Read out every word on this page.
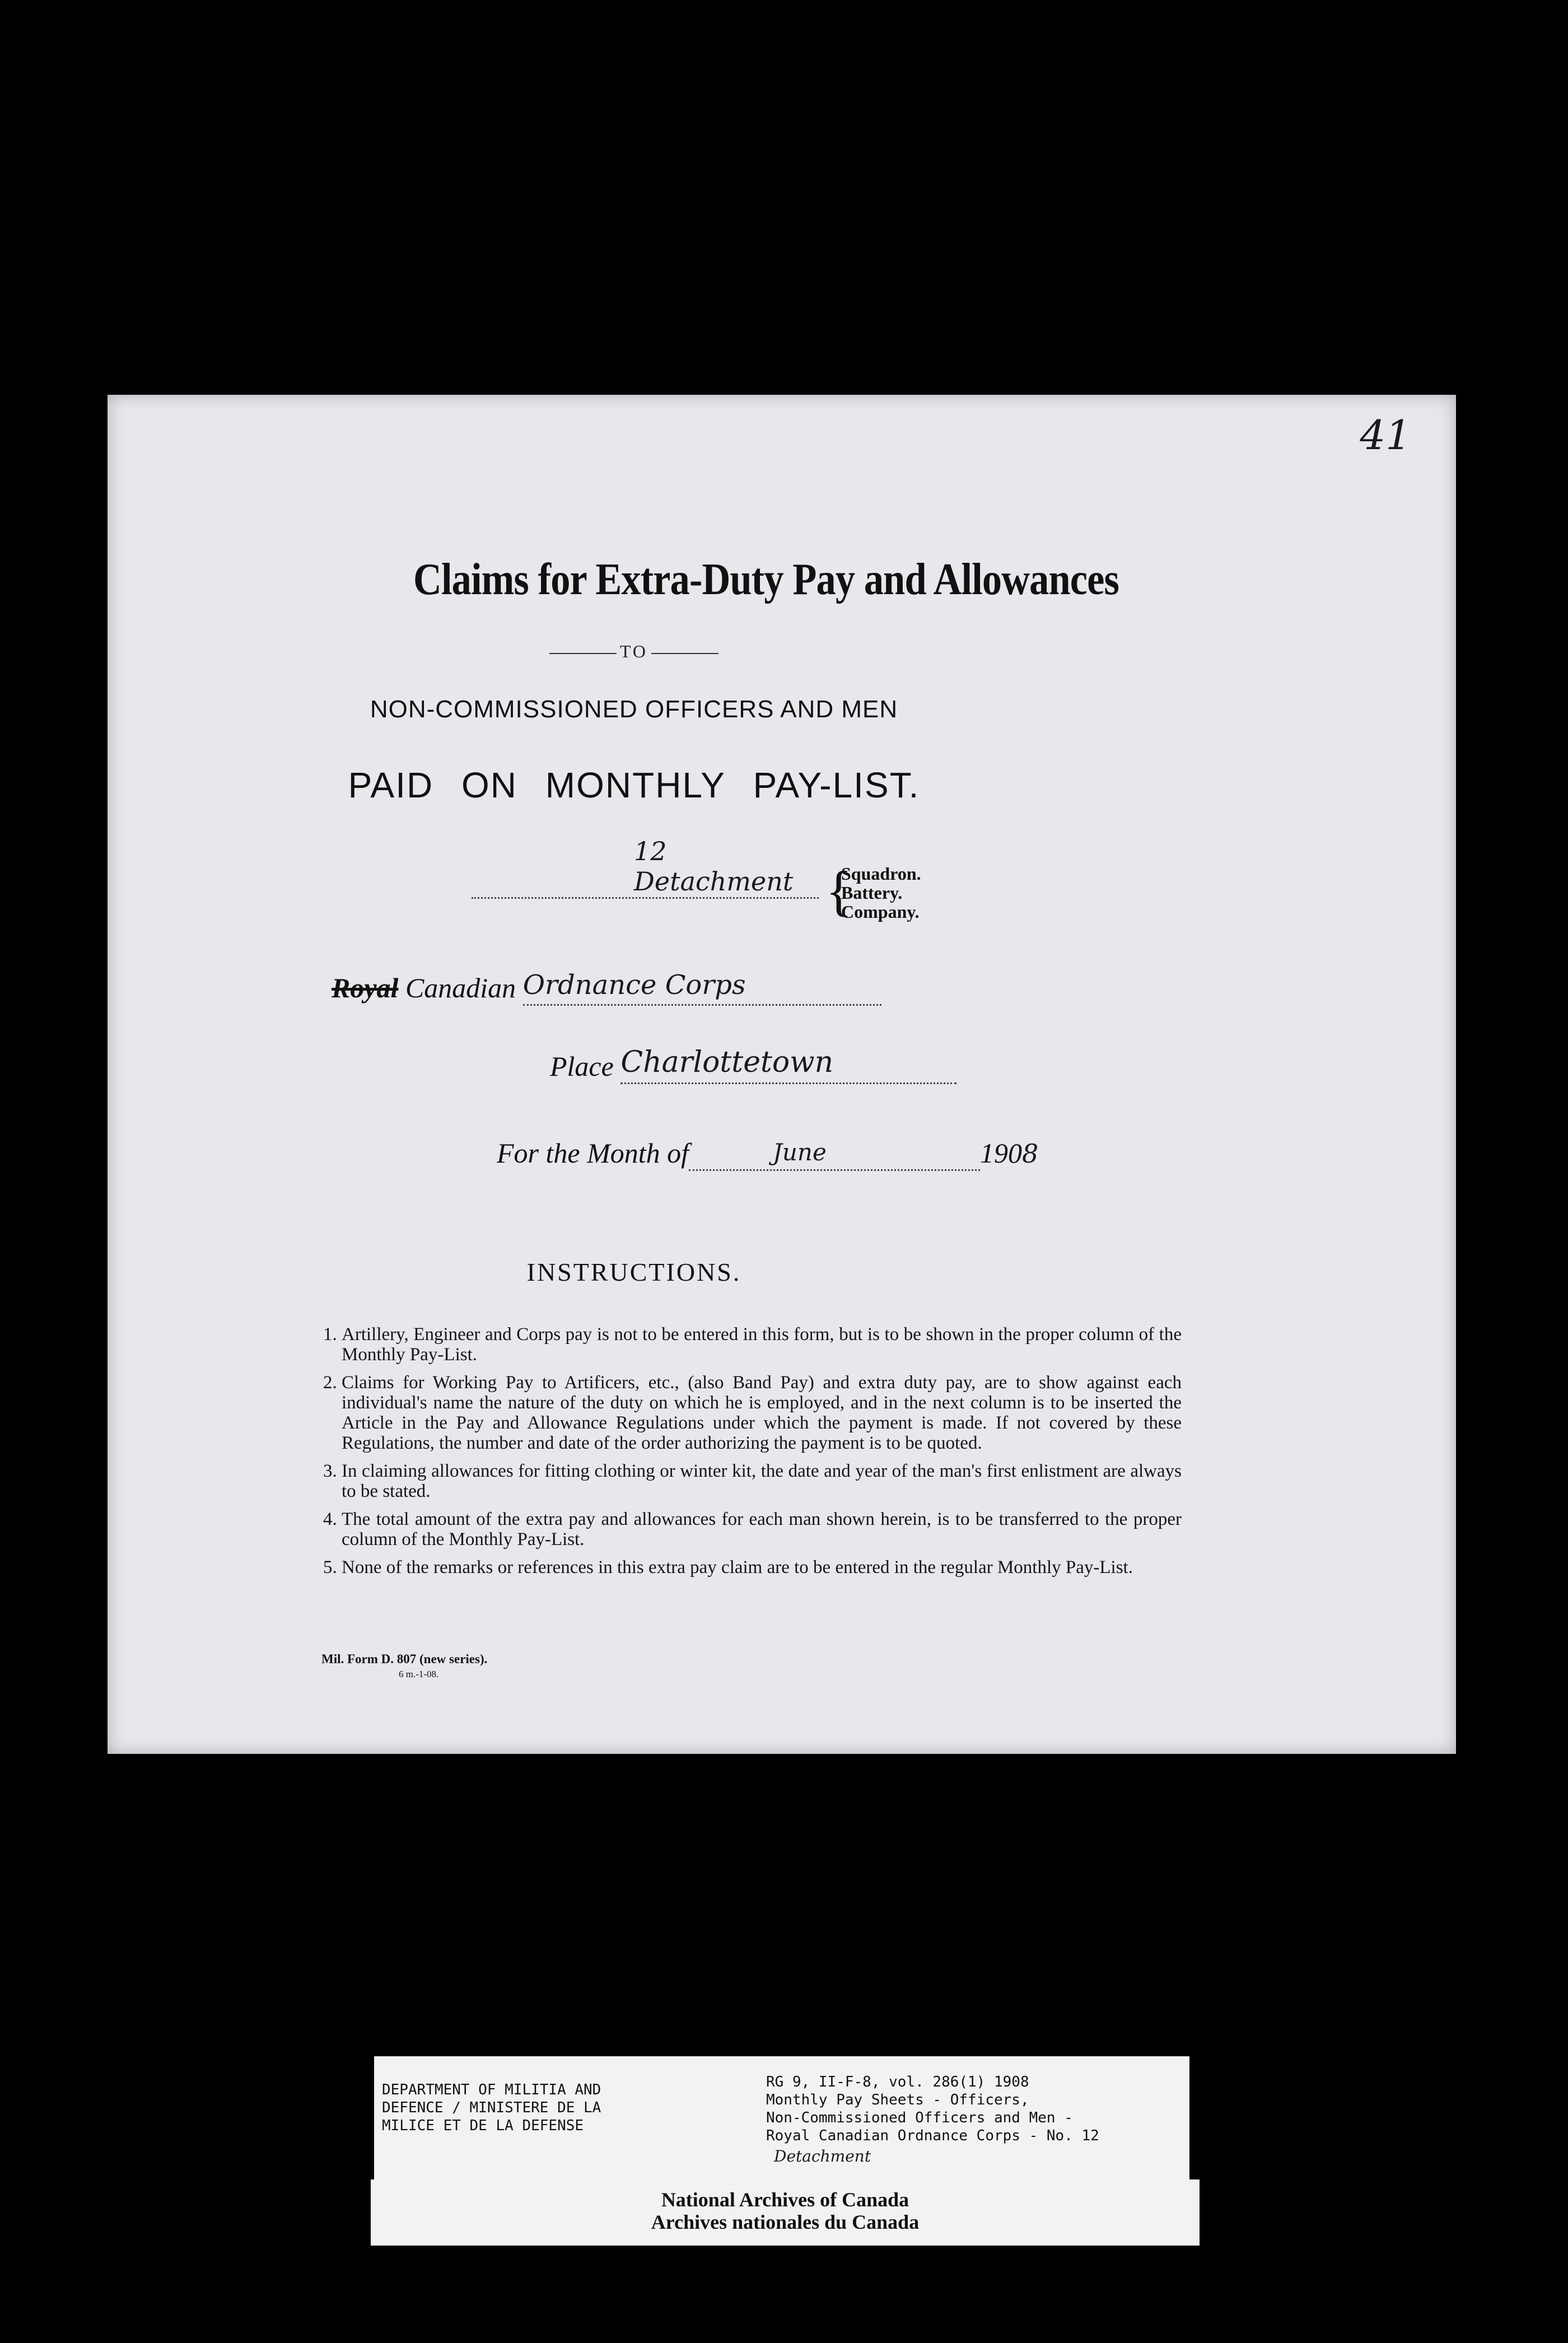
41
Claims for Extra-Duty Pay and Allowances
TO
NON-COMMISSIONED OFFICERS AND MEN
PAID ON MONTHLY PAY-LIST.
12 Detachment {
Squadron.
Battery.
Company.
Royal Canadian Ordnance Corps

Place Charlottetown

For the Month of	June	1908
INSTRUCTIONS.
1. Artillery, Engineer and Corps pay is not to be entered in this form, but is to be shown in the proper column of the Monthly Pay-List.
2. Claims for Working Pay to Artificers, etc., (also Band Pay) and extra duty pay, are to show against each individual's name the nature of the duty on which he is employed, and in the next column is to be inserted the Article in the Pay and Allowance Regulations under which the payment is made. If not covered by these Regulations, the number and date of the order authorizing the payment is to be quoted.
3. In claiming allowances for fitting clothing or winter kit, the date and year of the man's first enlistment are always to be stated.
4. The total amount of the extra pay and allowances for each man shown herein, is to be transferred to the proper column of the Monthly Pay-List.
5. None of the remarks or references in this extra pay claim are to be entered in the regular Monthly Pay-List.
Mil. Form D. 807 (new series).
6 m.-1-08.
DEPARTMENT OF MILITIA AND
DEFENCE / MINISTERE DE LA
MILICE ET DE LA DEFENSE
RG 9, II-F-8, vol. 286(1) 1908
Monthly Pay Sheets - Officers,
Non-Commissioned Officers and Men -
Royal Canadian Ordnance Corps - No. 12
Detachment
National Archives of Canada
Archives nationales du Canada
